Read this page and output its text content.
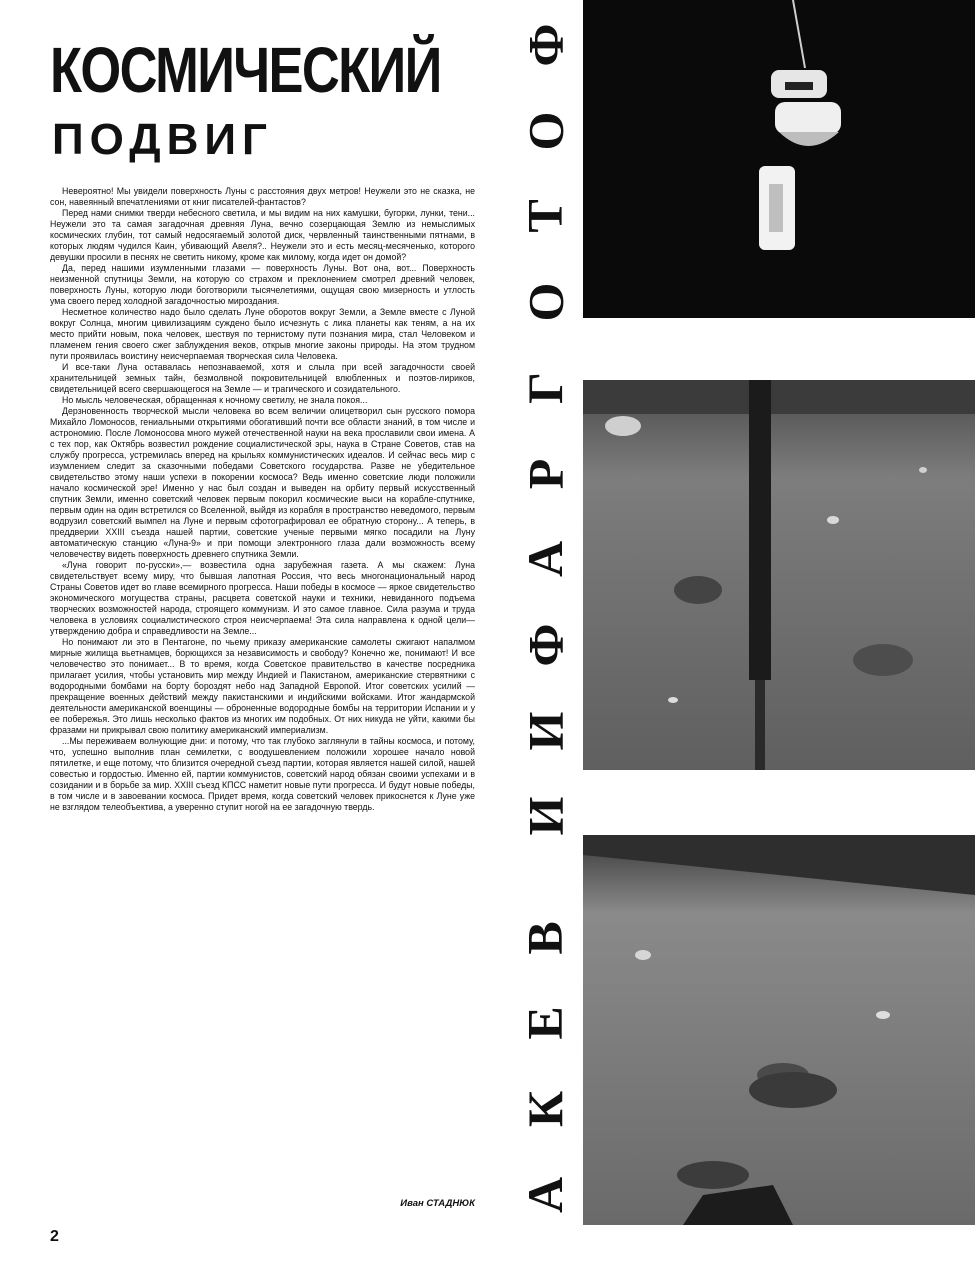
КОСМИЧЕСКИЙ
ПОДВИГ

Невероятно! Мы увидели поверхность Луны с расстояния двух метров! Неужели это не сказка, не сон, навеянный впечатлениями от книг писателей-фантастов?

Перед нами снимки тверди небесного светила, и мы видим на них камушки, бугорки, лунки, тени... Неужели это та самая загадочная древняя Луна, вечно созерцающая Землю из немыслимых космических глубин, тот самый недосягаемый золотой диск, червленный таинственными пятнами, в которых людям чудился Каин, убивающий Авеля?.. Неужели это и есть месяц-месяченько, которого девушки просили в песнях не светить никому, кроме как милому, когда идет он домой?

Да, перед нашими изумленными глазами — поверхность Луны. Вот она, вот... Поверхность неизменной спутницы Земли, на которую со страхом и преклонением смотрел древний человек, поверхность Луны, которую люди боготворили тысячелетиями, ощущая свою мизерность и утлость ума своего перед холодной загадочностью мироздания.

Несметное количество надо было сделать Луне оборотов вокруг Земли, а Земле вместе с Луной вокруг Солнца, многим цивилизациям суждено было исчезнуть с лика планеты как теням, а на их место прийти новым, пока человек, шествуя по тернистому пути познания мира, стал Человеком и пламенем гения своего сжег заблуждения веков, открыв многие законы природы. На этом трудном пути проявилась воистину неисчерпаемая творческая сила Человека.

И все-таки Луна оставалась непознаваемой, хотя и слыла при всей загадочности своей хранительницей земных тайн, безмолвной покровительницей влюбленных и поэтов-лириков, свидетельницей всего свершающегося на Земле — и трагического и созидательного.

Но мысль человеческая, обращенная к ночному светилу, не знала покоя...

Дерзновенность творческой мысли человека во всем величии олицетворил сын русского помора Михайло Ломоносов, гениальными открытиями обогативший почти все области знаний, в том числе и астрономию. После Ломоносова много мужей отечественной науки на века прославили свои имена. А с тех пор, как Октябрь возвестил рождение социалистической эры, наука в Стране Советов, став на службу прогресса, устремилась вперед на крыльях коммунистических идеалов. И сейчас весь мир с изумлением следит за сказочными победами Советского государства. Разве не убедительное свидетельство этому наши успехи в покорении космоса? Ведь именно советские люди положили начало космической эре! Именно у нас был создан и выведен на орбиту первый искусственный спутник Земли, именно советский человек первым покорил космические выси на корабле-спутнике, первым один на один встретился со Вселенной, выйдя из корабля в пространство неведомого, первым водрузил советский вымпел на Луне и первым сфотографировал ее обратную сторону... А теперь, в преддверии XXIII съезда нашей партии, советские ученые первыми мягко посадили на Луну автоматическую станцию «Луна-9» и при помощи электронного глаза дали возможность всему человечеству видеть поверхность древнего спутника Земли.

«Луна говорит по-русски»,— возвестила одна зарубежная газета. А мы скажем: Луна свидетельствует всему миру, что бывшая лапотная Россия, что весь многонациональный народ Страны Советов идет во главе всемирного прогресса. Наши победы в космосе — яркое свидетельство экономического могущества страны, расцвета советской науки и техники, невиданного подъема творческих возможностей народа, строящего коммунизм. И это самое главное. Сила разума и труда человека в условиях социалистического строя неисчерпаема! Эта сила направлена к одной цели— утверждению добра и справедливости на Земле...

Но понимают ли это в Пентагоне, по чьему приказу американские самолеты сжигают напалмом мирные жилища вьетнамцев, борющихся за независимость и свободу? Конечно же, понимают! И все человечество это понимает... В то время, когда Советское правительство в качестве посредника прилагает усилия, чтобы установить мир между Индией и Пакистаном, американские стервятники с водородными бомбами на борту бороздят небо над Западной Европой. Итог советских усилий — прекращение военных действий между пакистанскими и индийскими войсками. Итог жандармской деятельности американской военщины — оброненные водородные бомбы на территории Испании и у ее побережья. Это лишь несколько фактов из многих им подобных. От них никуда не уйти, какими бы фразами ни прикрывал свою политику американский империализм.

...Мы переживаем волнующие дни: и потому, что так глубоко заглянули в тайны космоса, и потому, что, успешно выполнив план семилетки, с воодушевлением положили хорошее начало новой пятилетке, и еще потому, что близится очередной съезд партии, которая является нашей силой, нашей совестью и гордостью. Именно ей, партии коммунистов, советский народ обязан своими успехами и в созидании и в борьбе за мир. XXIII съезд КПСС наметит новые пути прогресса. И будут новые победы, в том числе и в завоевании космоса. Придет время, когда советский человек прикоснется к Луне уже не взглядом телеобъектива, а уверенно ступит ногой на ее загадочную твердь.

Иван СТАДНЮК
2
Ф
О
Т
О
Г
Р
А
Ф
И
И
В
Е
К
А
